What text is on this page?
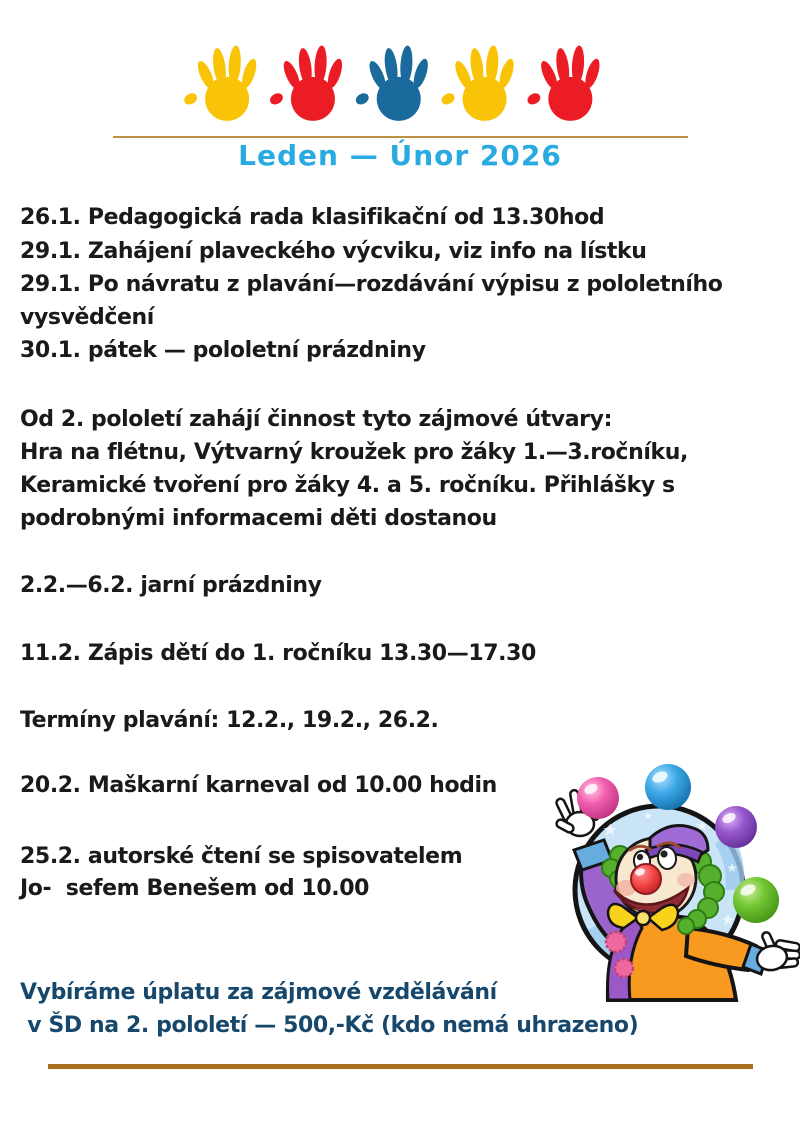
Leden — Únor 2026
26.1. Pedagogická rada klasifikační od 13.30hod
29.1. Zahájení plaveckého výcviku, viz info na lístku
29.1. Po návratu z plavání—rozdávání výpisu z pololetního
vysvědčení
30.1. pátek — pololetní prázdniny
Od 2. pololetí zahájí činnost tyto zájmové útvary:
Hra na flétnu, Výtvarný kroužek pro žáky 1.—3.ročníku,
Keramické tvoření pro žáky 4. a 5. ročníku. Přihlášky s
podrobnými informacemi děti dostanou
2.2.—6.2. jarní prázdniny
11.2. Zápis dětí do 1. ročníku 13.30—17.30
Termíny plavání: 12.2., 19.2., 26.2.
20.2. Maškarní karneval od 10.00 hodin
25.2. autorské čtení se spisovatelem
Jo-  sefem Benešem od 10.00
Vybíráme úplatu za zájmové vzdělávání
v ŠD na 2. pololetí — 500,-Kč (kdo nemá uhrazeno)
